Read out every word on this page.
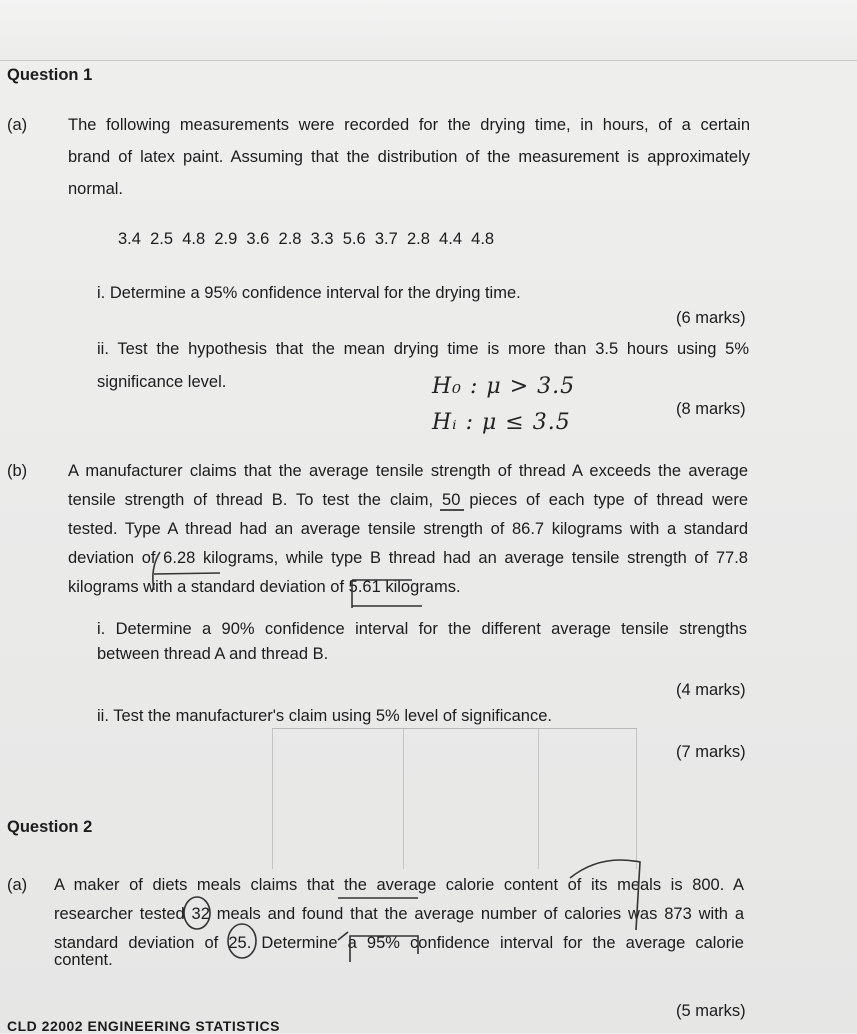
Question 1
(a) The following measurements were recorded for the drying time, in hours, of a certain
brand of latex paint. Assuming that the distribution of the measurement is approximately
normal.
3.4  2.5  4.8  2.9  3.6  2.8  3.3  5.6  3.7  2.8  4.4  4.8
i. Determine a 95% confidence interval for the drying time.
(6 marks)
ii. Test the hypothesis that the mean drying time is more than 3.5 hours using 5%
significance level.	H₀ : μ > 3.5
Hᵢ : μ ≤ 3.5
(8 marks)
(b) A manufacturer claims that the average tensile strength of thread A exceeds the average
tensile strength of thread B. To test the claim, 50 pieces of each type of thread were
tested. Type A thread had an average tensile strength of 86.7 kilograms with a standard
deviation of 6.28 kilograms, while type B thread had an average tensile strength of 77.8
kilograms with a standard deviation of 5.61 kilograms.
i. Determine a 90% confidence interval for the different average tensile strengths
between thread A and thread B.
(4 marks)
ii. Test the manufacturer's claim using 5% level of significance.
(7 marks)
Question 2
(a) A maker of diets meals claims that the average calorie content of its meals is 800. A
researcher tested 32 meals and found that the average number of calories was 873 with a
standard deviation of 25. Determine a 95% confidence interval for the average calorie
content.
(5 marks)
CLD 22002 ENGINEERING STATISTICS
